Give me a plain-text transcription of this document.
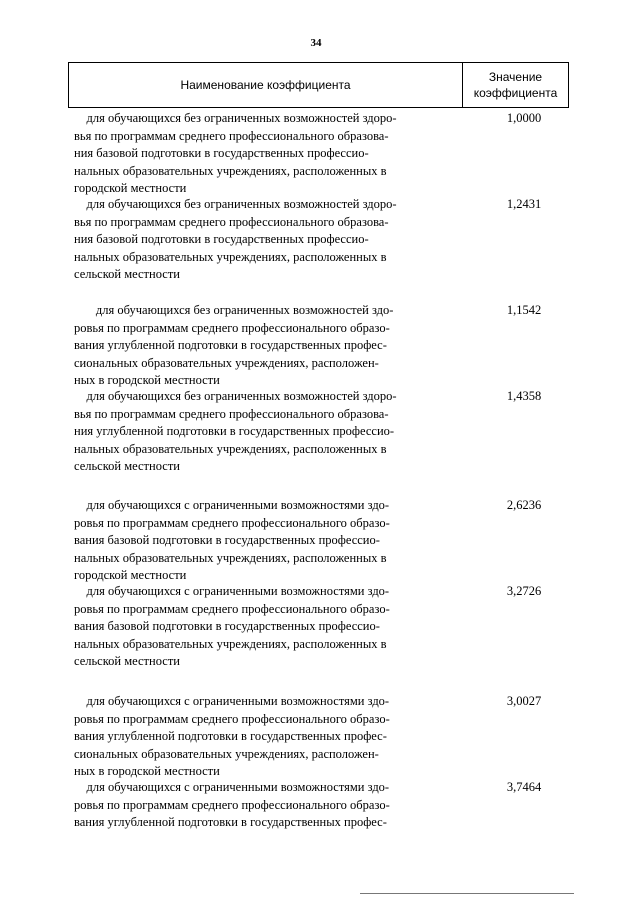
34
Наименование коэффициента
Значение
коэффициента
для обучающихся без ограниченных возможностей здоро-
вья по программам среднего профессионального образова-
ния базовой подготовки в государственных профессио-
нальных образовательных учреждениях, расположенных в
городской местности
1,0000
для обучающихся без ограниченных возможностей здоро-
вья по программам среднего профессионального образова-
ния базовой подготовки в государственных профессио-
нальных образовательных учреждениях, расположенных в
сельской местности
1,2431
для обучающихся без ограниченных возможностей здо-
ровья по программам среднего профессионального образо-
вания углубленной подготовки в государственных профес-
сиональных образовательных учреждениях, расположен-
ных в городской местности
1,1542
для обучающихся без ограниченных возможностей здоро-
вья по программам среднего профессионального образова-
ния углубленной подготовки в государственных профессио-
нальных образовательных учреждениях, расположенных в
сельской местности
1,4358
для обучающихся с ограниченными возможностями здо-
ровья по программам среднего профессионального образо-
вания базовой подготовки в государственных профессио-
нальных образовательных учреждениях, расположенных в
городской местности
2,6236
для обучающихся с ограниченными возможностями здо-
ровья по программам среднего профессионального образо-
вания базовой подготовки в государственных профессио-
нальных образовательных учреждениях, расположенных в
сельской местности
3,2726
для обучающихся с ограниченными возможностями здо-
ровья по программам среднего профессионального образо-
вания углубленной подготовки в государственных профес-
сиональных образовательных учреждениях, расположен-
ных в городской местности
3,0027
для обучающихся с ограниченными возможностями здо-
ровья по программам среднего профессионального образо-
вания углубленной подготовки в государственных профес-
3,7464
